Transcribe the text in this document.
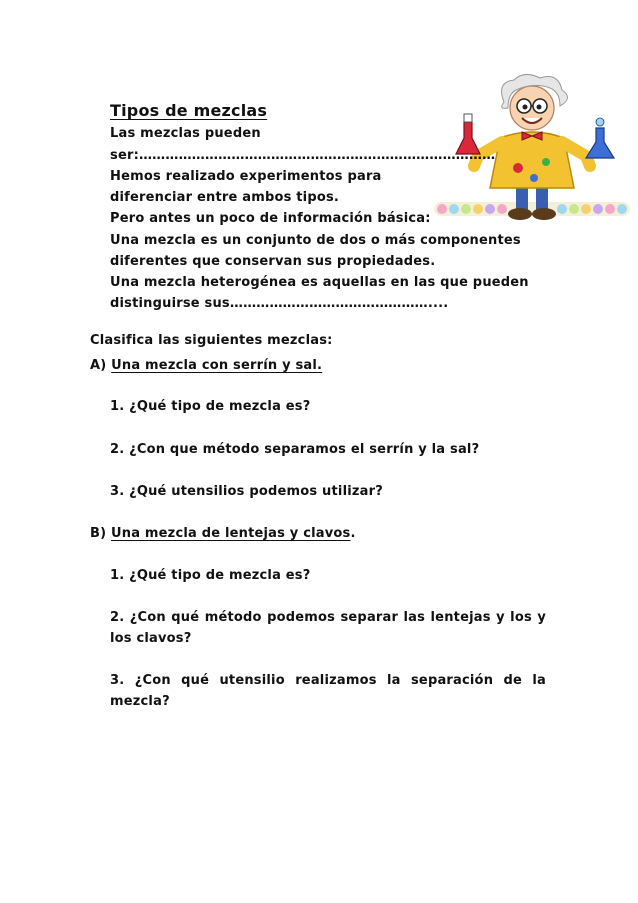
Tipos de mezclas
Las mezclas pueden
ser:………………………………………………………………………
Hemos realizado experimentos para
diferenciar entre ambos tipos.
Pero antes un poco de información básica:
Una mezcla es un conjunto de dos o más componentes
diferentes que conservan sus propiedades.
Una mezcla heterogénea es aquellas en las que pueden
distinguirse sus………………………………………....
Clasifica las siguientes mezclas:
A) Una mezcla con serrín y sal.
1. ¿Qué tipo de mezcla es?
2. ¿Con que método separamos el serrín y la sal?
3. ¿Qué utensilios podemos utilizar?
B) Una mezcla de lentejas y clavos.
1. ¿Qué tipo de mezcla es?
2. ¿Con qué método podemos separar las lentejas y los y
los clavos?
3. ¿Con qué utensilio realizamos la separación de la
mezcla?
